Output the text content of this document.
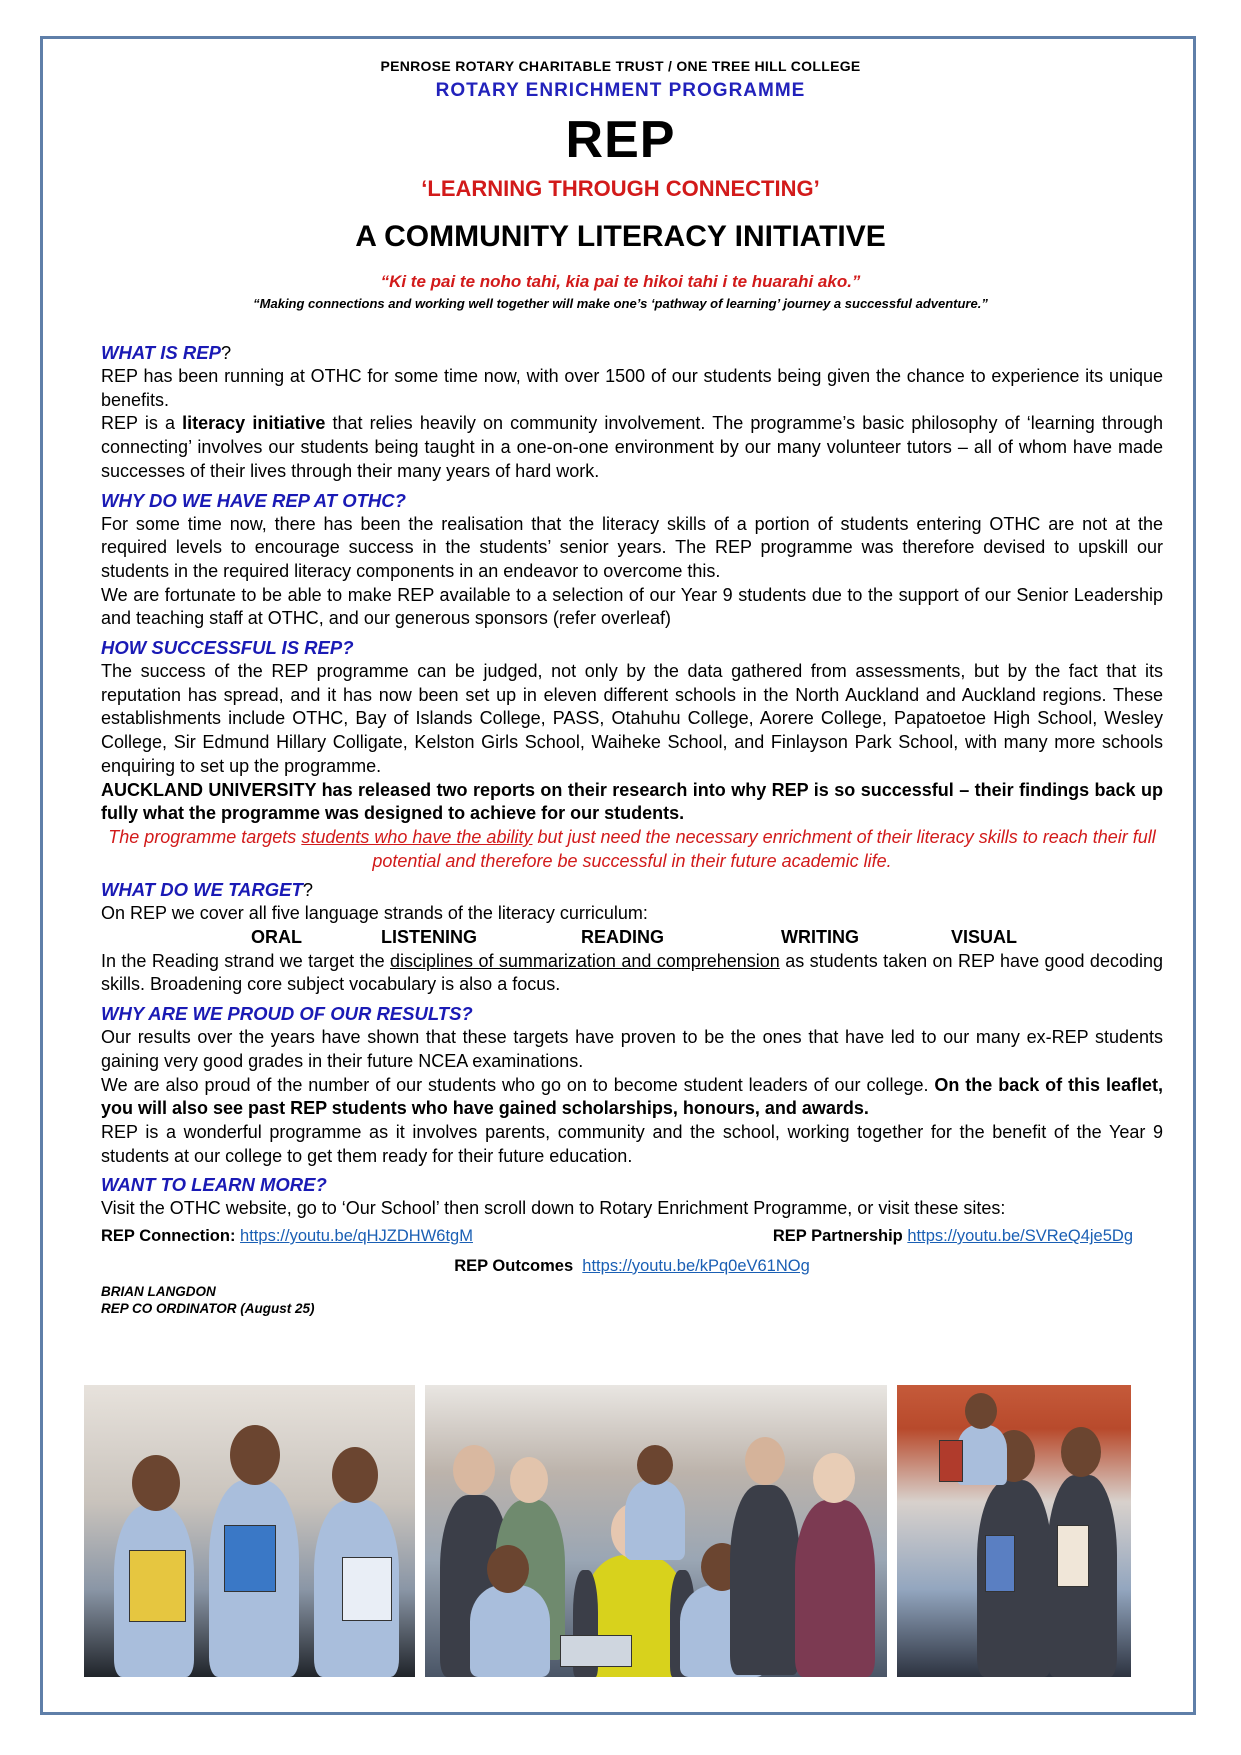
PENROSE ROTARY CHARITABLE TRUST / ONE TREE HILL COLLEGE
ROTARY ENRICHMENT PROGRAMME
REP
‘LEARNING THROUGH CONNECTING’
A COMMUNITY LITERACY INITIATIVE
“Ki te pai te noho tahi, kia pai te hikoi tahi i te huarahi ako.”
“Making connections and working well together will make one’s ‘pathway of learning’ journey a successful adventure.”
WHAT IS REP?

REP has been running at OTHC for some time now, with over 1500 of our students being given the chance to experience its unique benefits.

REP is a literacy initiative that relies heavily on community involvement. The programme’s basic philosophy of ‘learning through connecting’ involves our students being taught in a one-on-one environment by our many volunteer tutors – all of whom have made successes of their lives through their many years of hard work.

WHY DO WE HAVE REP AT OTHC?

For some time now, there has been the realisation that the literacy skills of a portion of students entering OTHC are not at the required levels to encourage success in the students’ senior years. The REP programme was therefore devised to upskill our students in the required literacy components in an endeavor to overcome this.

We are fortunate to be able to make REP available to a selection of our Year 9 students due to the support of our Senior Leadership and teaching staff at OTHC, and our generous sponsors (refer overleaf)

HOW SUCCESSFUL IS REP?

The success of the REP programme can be judged, not only by the data gathered from assessments, but by the fact that its reputation has spread, and it has now been set up in eleven different schools in the North Auckland and Auckland regions. These establishments include OTHC, Bay of Islands College, PASS, Otahuhu College, Aorere College, Papatoetoe High School, Wesley College, Sir Edmund Hillary Colligate, Kelston Girls School, Waiheke School, and Finlayson Park School, with many more schools enquiring to set up the programme.

AUCKLAND UNIVERSITY has released two reports on their research into why REP is so successful – their findings back up fully what the programme was designed to achieve for our students.

The programme targets students who have the ability but just need the necessary enrichment of their literacy skills to reach their full potential and therefore be successful in their future academic life.

WHAT DO WE TARGET?

On REP we cover all five language strands of the literacy curriculum:

ORAL	LISTENING	READING	WRITING	VISUAL

In the Reading strand we target the disciplines of summarization and comprehension as students taken on REP have good decoding skills. Broadening core subject vocabulary is also a focus.

WHY ARE WE PROUD OF OUR RESULTS?

Our results over the years have shown that these targets have proven to be the ones that have led to our many ex-REP students gaining very good grades in their future NCEA examinations.

We are also proud of the number of our students who go on to become student leaders of our college. On the back of this leaflet, you will also see past REP students who have gained scholarships, honours, and awards.

REP is a wonderful programme as it involves parents, community and the school, working together for the benefit of the Year 9 students at our college to get them ready for their future education.

WANT TO LEARN MORE?

Visit the OTHC website, go to ‘Our School’ then scroll down to Rotary Enrichment Programme, or visit these sites:

REP Connection: https://youtu.be/qHJZDHW6tgM	REP Partnership https://youtu.be/SVReQ4je5Dg
REP Outcomes https://youtu.be/kPq0eV61NOg
BRIAN LANGDON
REP CO ORDINATOR (August 25)
